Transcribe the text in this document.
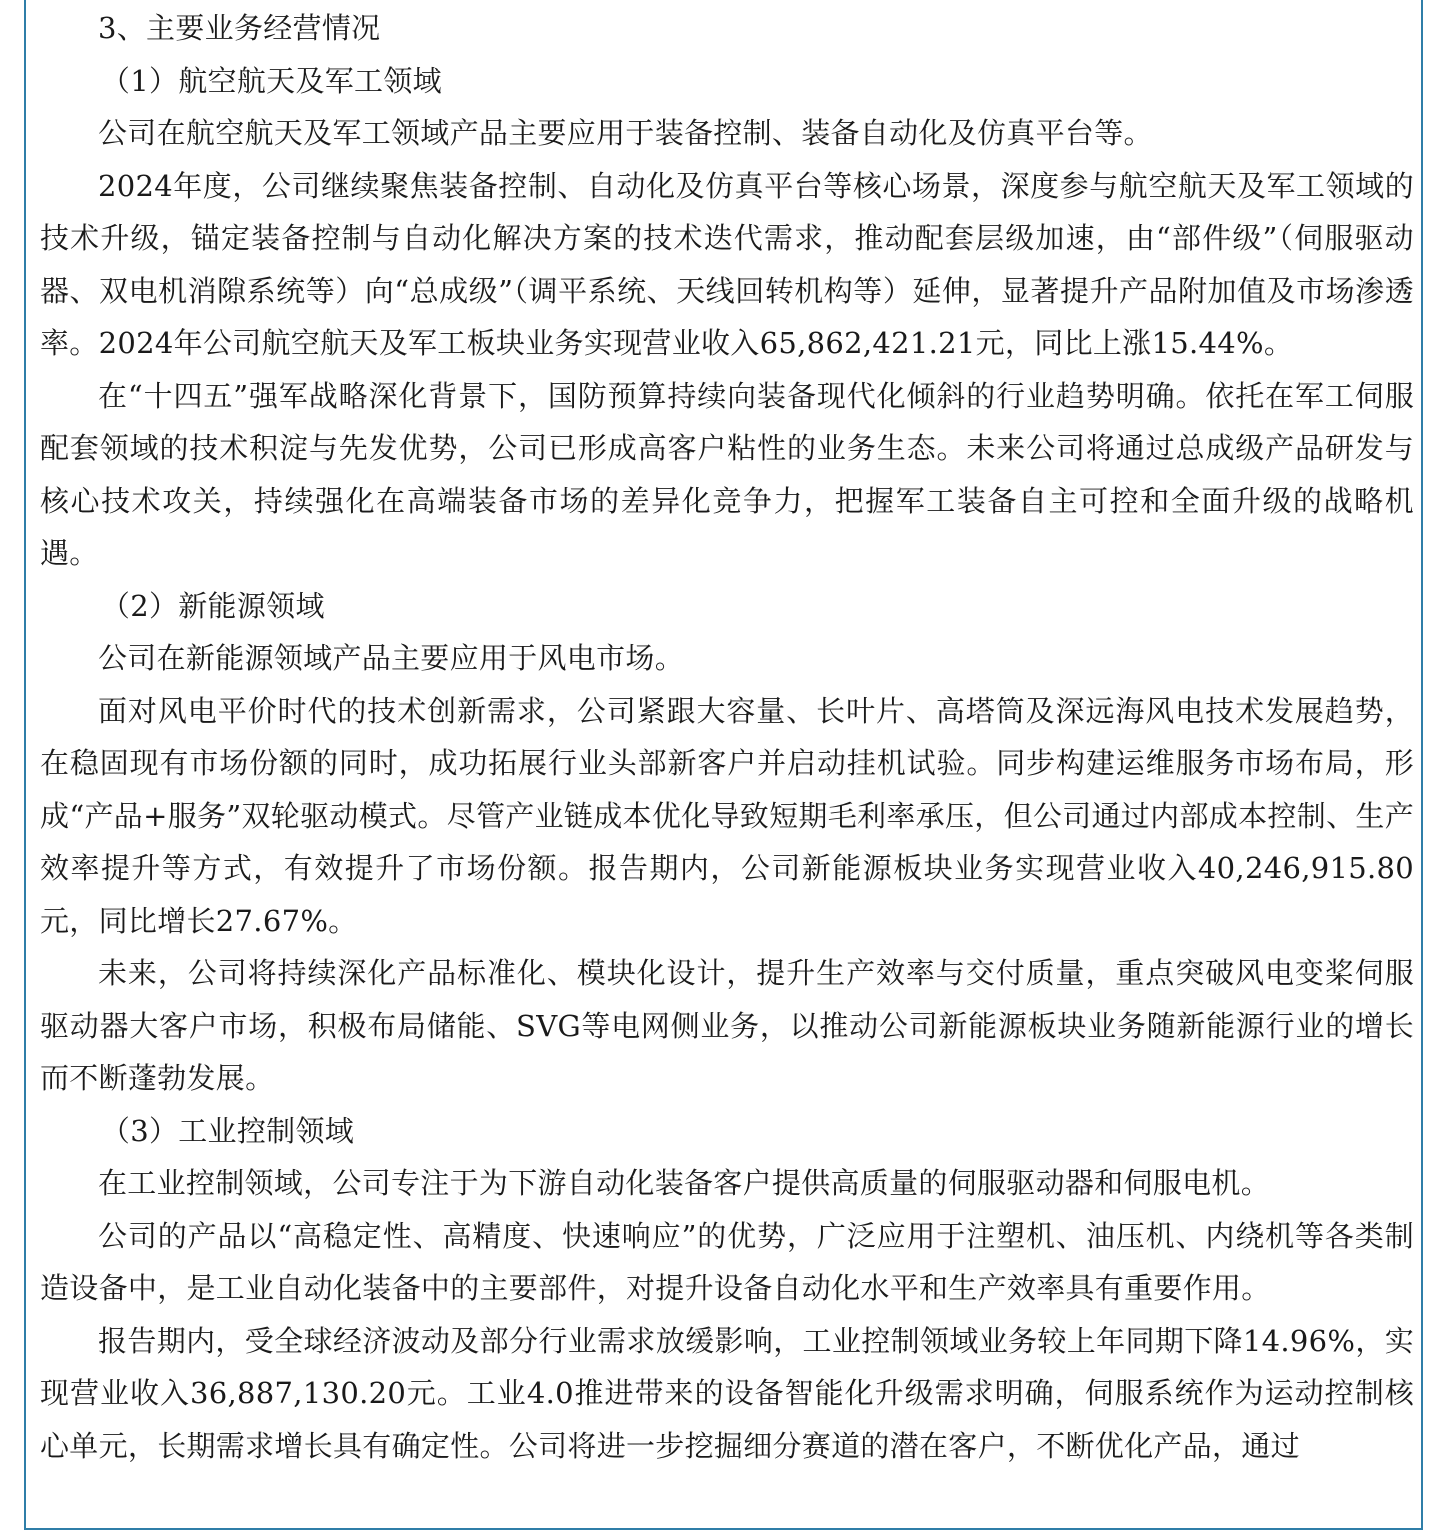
3、主要业务经营情况

（1）航空航天及军工领域

公司在航空航天及军工领域产品主要应用于装备控制、装备自动化及仿真平台等。

2024年度，公司继续聚焦装备控制、自动化及仿真平台等核心场景，深度参与航空航天及军工领域的技术升级，锚定装备控制与自动化解决方案的技术迭代需求，推动配套层级加速，由“部件级”（伺服驱动器、双电机消隙系统等）向“总成级”（调平系统、天线回转机构等）延伸，显著提升产品附加值及市场渗透率。2024年公司航空航天及军工板块业务实现营业收入65,862,421.21元，同比上涨15.44%。

在“十四五”强军战略深化背景下，国防预算持续向装备现代化倾斜的行业趋势明确。依托在军工伺服配套领域的技术积淀与先发优势，公司已形成高客户粘性的业务生态。未来公司将通过总成级产品研发与核心技术攻关，持续强化在高端装备市场的差异化竞争力，把握军工装备自主可控和全面升级的战略机遇。

（2）新能源领域

公司在新能源领域产品主要应用于风电市场。

面对风电平价时代的技术创新需求，公司紧跟大容量、长叶片、高塔筒及深远海风电技术发展趋势，在稳固现有市场份额的同时，成功拓展行业头部新客户并启动挂机试验。同步构建运维服务市场布局，形成“产品+服务”双轮驱动模式。尽管产业链成本优化导致短期毛利率承压，但公司通过内部成本控制、生产效率提升等方式，有效提升了市场份额。报告期内，公司新能源板块业务实现营业收入40,246,915.80元，同比增长27.67%。

未来，公司将持续深化产品标准化、模块化设计，提升生产效率与交付质量，重点突破风电变桨伺服驱动器大客户市场，积极布局储能、SVG等电网侧业务，以推动公司新能源板块业务随新能源行业的增长而不断蓬勃发展。

（3）工业控制领域

在工业控制领域，公司专注于为下游自动化装备客户提供高质量的伺服驱动器和伺服电机。

公司的产品以“高稳定性、高精度、快速响应”的优势，广泛应用于注塑机、油压机、内绕机等各类制造设备中，是工业自动化装备中的主要部件，对提升设备自动化水平和生产效率具有重要作用。

报告期内，受全球经济波动及部分行业需求放缓影响，工业控制领域业务较上年同期下降14.96%，实现营业收入36,887,130.20元。工业4.0推进带来的设备智能化升级需求明确，伺服系统作为运动控制核心单元，长期需求增长具有确定性。公司将进一步挖掘细分赛道的潜在客户，不断优化产品，通过
